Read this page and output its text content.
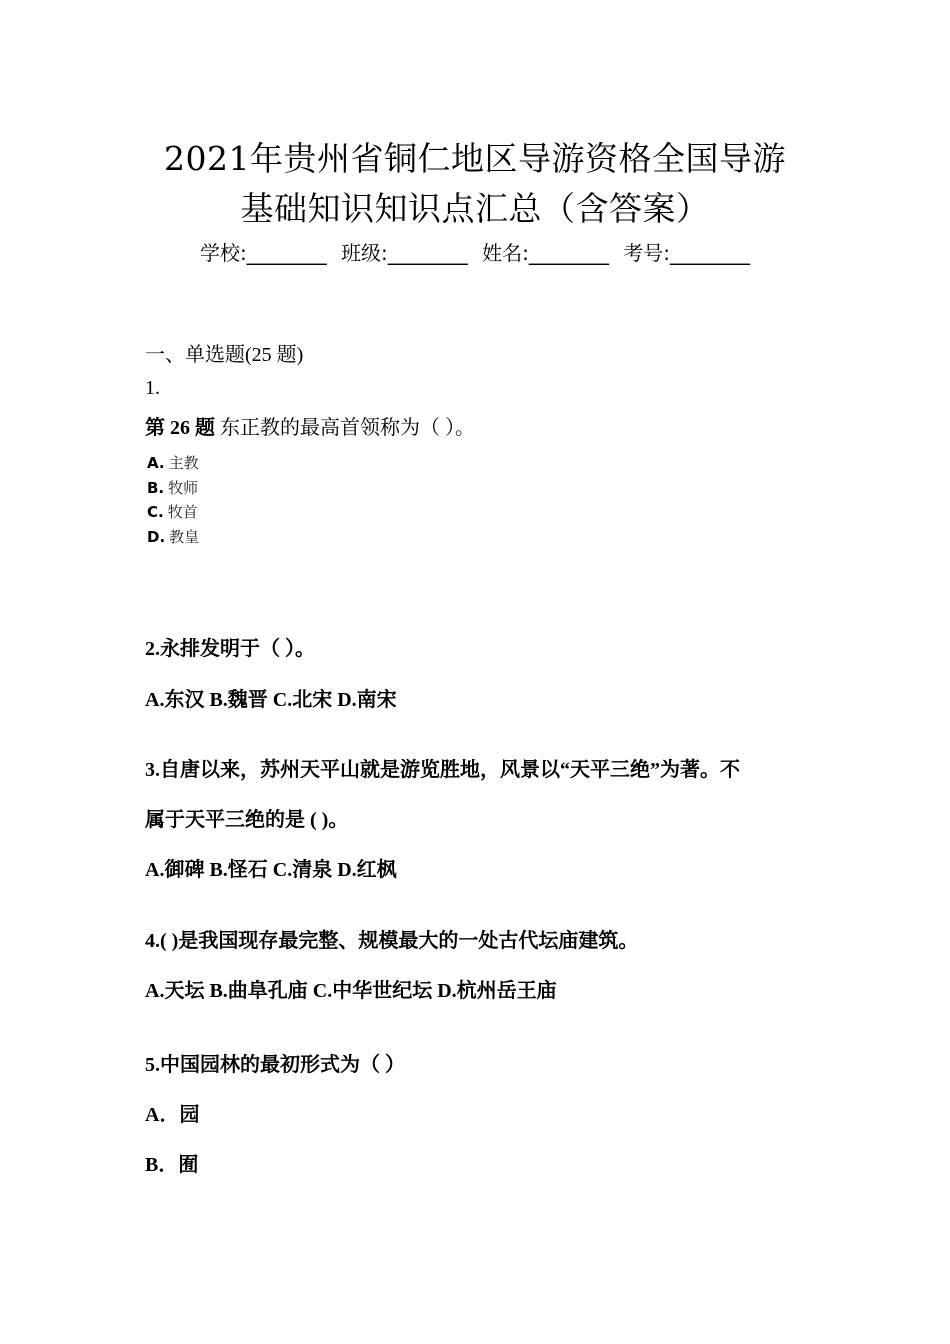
2021年贵州省铜仁地区导游资格全国导游
基础知识知识点汇总（含答案）
学校:________ 班级:________ 姓名:________ 考号:________
一、单选题(25 题)
1.
第 26 题 东正教的最高首领称为（ ）。
A. 主教
B. 牧师
C. 牧首
D. 教皇
2.永排发明于（ ）。
A.东汉 B.魏晋 C.北宋 D.南宋
3.自唐以来，苏州天平山就是游览胜地，风景以“天平三绝”为著。不
属于天平三绝的是 ( )。
A.御碑 B.怪石 C.清泉 D.红枫
4.( )是我国现存最完整、规模最大的一处古代坛庙建筑。
A.天坛 B.曲阜孔庙 C.中华世纪坛 D.杭州岳王庙
5.中国园林的最初形式为（ ）
A．园
B．囿
